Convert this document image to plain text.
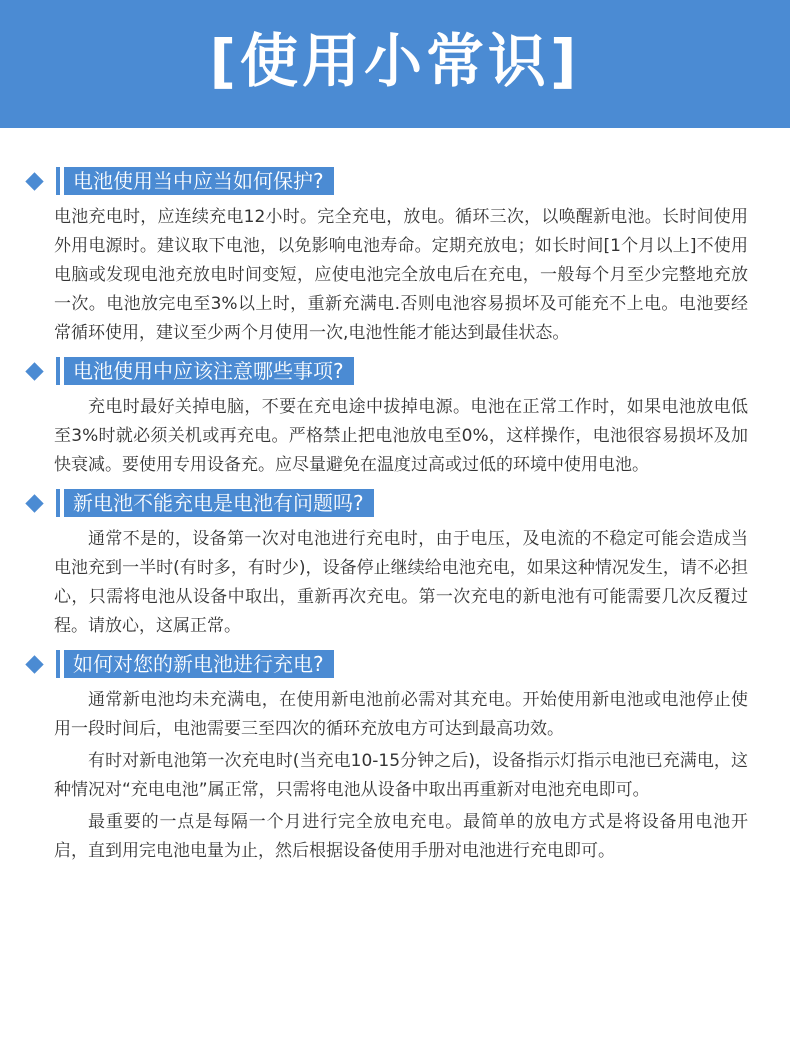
[使用小常识]
电池使用当中应当如何保护?

电池充电时，应连续充电12小时。完全充电，放电。循环三次，以唤醒新电池。长时间使用外用电源时。建议取下电池，以免影响电池寿命。定期充放电；如长时间[1个月以上]不使用电脑或发现电池充放电时间变短，应使电池完全放电后在充电，一般每个月至少完整地充放一次。电池放完电至3%以上时，重新充满电.否则电池容易损坏及可能充不上电。电池要经常循环使用，建议至少两个月使用一次,电池性能才能达到最佳状态。

电池使用中应该注意哪些事项?

充电时最好关掉电脑，不要在充电途中拔掉电源。电池在正常工作时，如果电池放电低至3%时就必须关机或再充电。严格禁止把电池放电至0%，这样操作，电池很容易损坏及加快衰减。要使用专用设备充。应尽量避免在温度过高或过低的环境中使用电池。

新电池不能充电是电池有问题吗?

通常不是的，设备第一次对电池进行充电时，由于电压，及电流的不稳定可能会造成当电池充到一半时(有时多，有时少)，设备停止继续给电池充电，如果这种情况发生，请不必担心，只需将电池从设备中取出，重新再次充电。第一次充电的新电池有可能需要几次反覆过程。请放心，这属正常。

如何对您的新电池进行充电?

通常新电池均未充满电，在使用新电池前必需对其充电。开始使用新电池或电池停止使用一段时间后，电池需要三至四次的循环充放电方可达到最高功效。

有时对新电池第一次充电时(当充电10-15分钟之后)，设备指示灯指示电池已充满电，这种情况对“充电电池”属正常，只需将电池从设备中取出再重新对电池充电即可。

最重要的一点是每隔一个月进行完全放电充电。最简单的放电方式是将设备用电池开启，直到用完电池电量为止，然后根据设备使用手册对电池进行充电即可。
